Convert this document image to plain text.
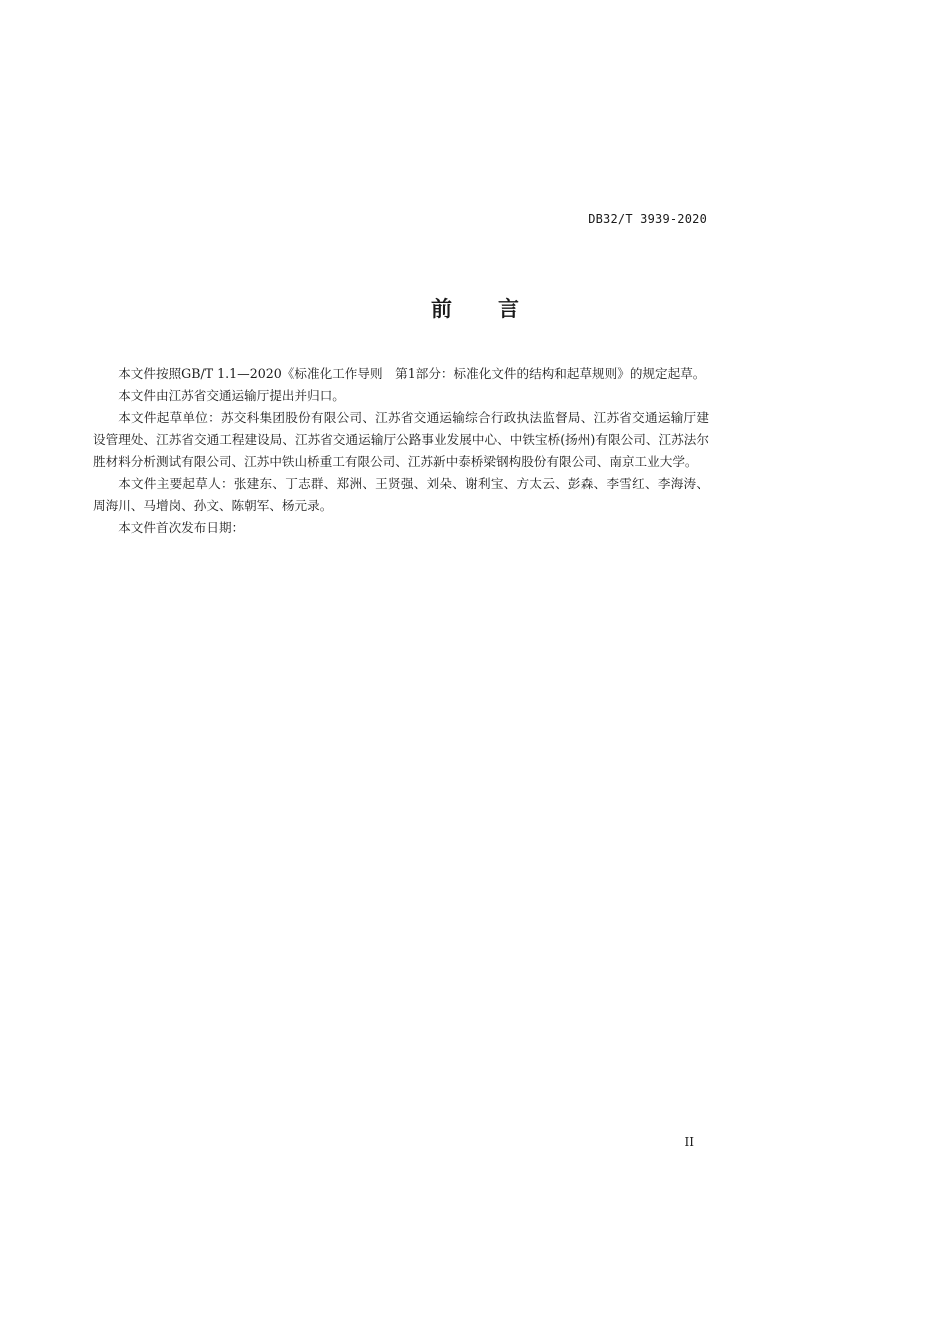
DB32/T 3939-2020
前 言

本文件按照GB/T 1.1—2020《标准化工作导则　第1部分：标准化文件的结构和起草规则》的规定起草。

本文件由江苏省交通运输厅提出并归口。

本文件起草单位：苏交科集团股份有限公司、江苏省交通运输综合行政执法监督局、江苏省交通运输厅建设管理处、江苏省交通工程建设局、江苏省交通运输厅公路事业发展中心、中铁宝桥(扬州)有限公司、江苏法尔胜材料分析测试有限公司、江苏中铁山桥重工有限公司、江苏新中泰桥梁钢构股份有限公司、南京工业大学。

本文件主要起草人：张建东、丁志群、郑洲、王贤强、刘朵、谢利宝、方太云、彭森、李雪红、李海涛、周海川、马增岗、孙文、陈朝军、杨元录。

本文件首次发布日期：

II
